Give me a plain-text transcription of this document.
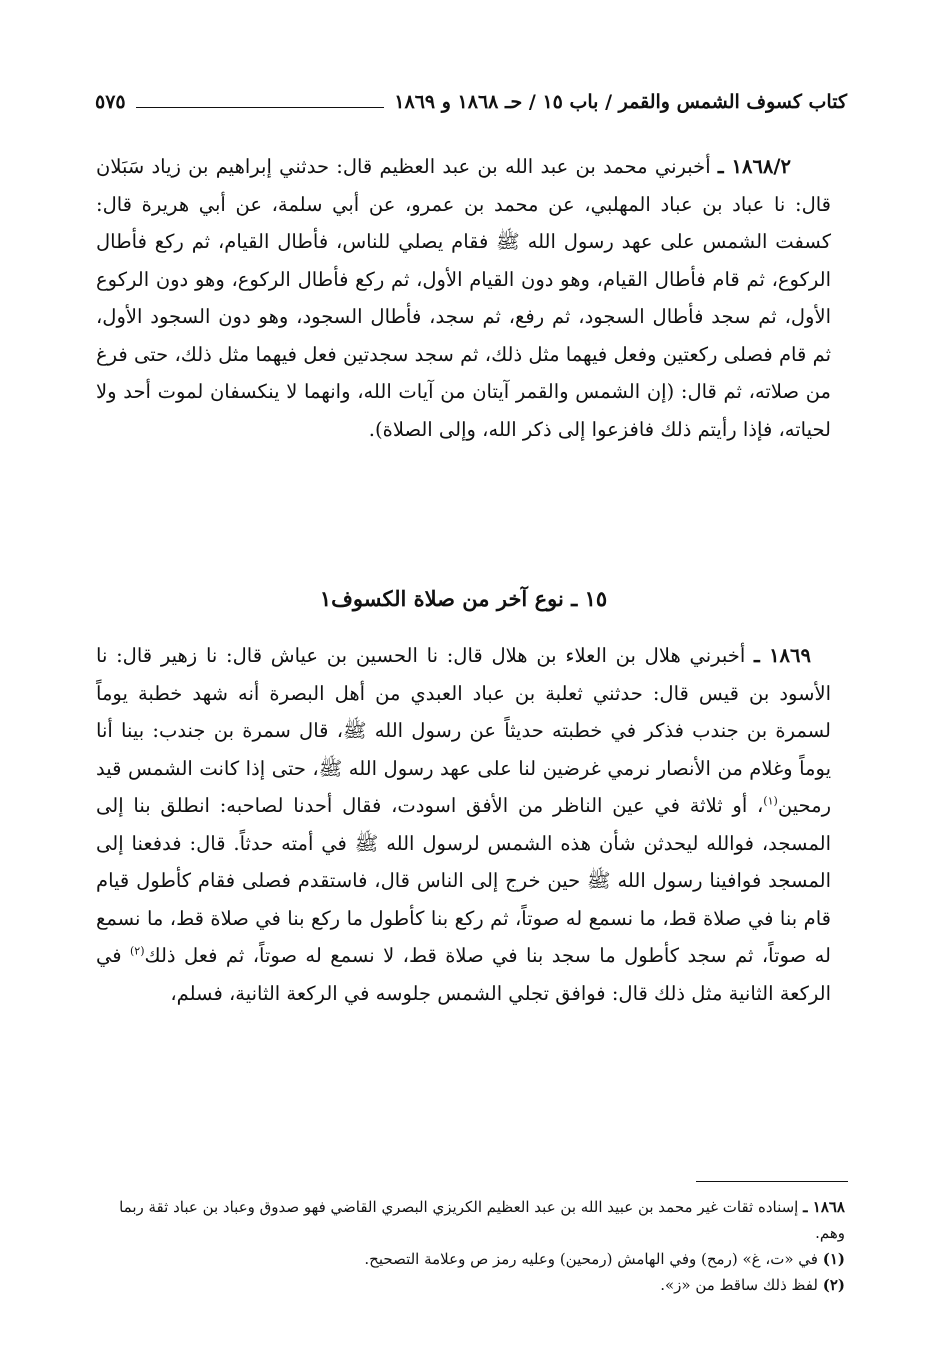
كتاب كسوف الشمس والقمر / باب ١٥ / حـ ١٨٦٨ و ١٨٦٩
٥٧٥
١٨٦٨/٢ ـ أخبرني محمد بن عبد الله بن عبد العظيم قال: حدثني إبراهيم بن زياد سَبَلان قال: نا عباد بن عباد المهلبي، عن محمد بن عمرو، عن أبي سلمة، عن أبي هريرة قال: كسفت الشمس على عهد رسول الله ﷺ فقام يصلي للناس، فأطال القيام، ثم ركع فأطال الركوع، ثم قام فأطال القيام، وهو دون القيام الأول، ثم ركع فأطال الركوع، وهو دون الركوع الأول، ثم سجد فأطال السجود، ثم رفع، ثم سجد، فأطال السجود، وهو دون السجود الأول، ثم قام فصلى ركعتين وفعل فيهما مثل ذلك، ثم سجد سجدتين فعل فيهما مثل ذلك، حتى فرغ من صلاته، ثم قال: (إن الشمس والقمر آيتان من آيات الله، وانهما لا ينكسفان لموت أحد ولا لحياته، فإذا رأيتم ذلك فافزعوا إلى ذكر الله، وإلى الصلاة).
١٥ ـ نوع آخر من صلاة الكسوف١
١٨٦٩ ـ أخبرني هلال بن العلاء بن هلال قال: نا الحسين بن عياش قال: نا زهير قال: نا الأسود بن قيس قال: حدثني ثعلبة بن عباد العبدي من أهل البصرة أنه شهد خطبة يوماً لسمرة بن جندب فذكر في خطبته حديثاً عن رسول الله ﷺ، قال سمرة بن جندب: بينا أنا يوماً وغلام من الأنصار نرمي غرضين لنا على عهد رسول الله ﷺ، حتى إذا كانت الشمس قيد رمحين$^{(١)}$، أو ثلاثة في عين الناظر من الأفق اسودت، فقال أحدنا لصاحبه: انطلق بنا إلى المسجد، فوالله ليحدثن شأن هذه الشمس لرسول الله ﷺ في أمته حدثاً. قال: فدفعنا إلى المسجد فوافينا رسول الله ﷺ حين خرج إلى الناس قال، فاستقدم فصلى فقام كأطول قيام قام بنا في صلاة قط، ما نسمع له صوتاً، ثم ركع بنا كأطول ما ركع بنا في صلاة قط، ما نسمع له صوتاً، ثم سجد كأطول ما سجد بنا في صلاة قط، لا نسمع له صوتاً، ثم فعل ذلك$^{(٢)}$ في الركعة الثانية مثل ذلك قال: فوافق تجلي الشمس جلوسه في الركعة الثانية، فسلم،

١٨٦٨ ـ إسناده ثقات غير محمد بن عبيد الله بن عبد العظيم الكريزي البصري القاضي فهو صدوق وعباد بن عباد ثقة ربما وهم.

(١) في «ت، غ» (رمح) وفي الهامش (رمحين) وعليه رمز ص وعلامة التصحيح.

(٢) لفظ ذلك ساقط من «ز».
